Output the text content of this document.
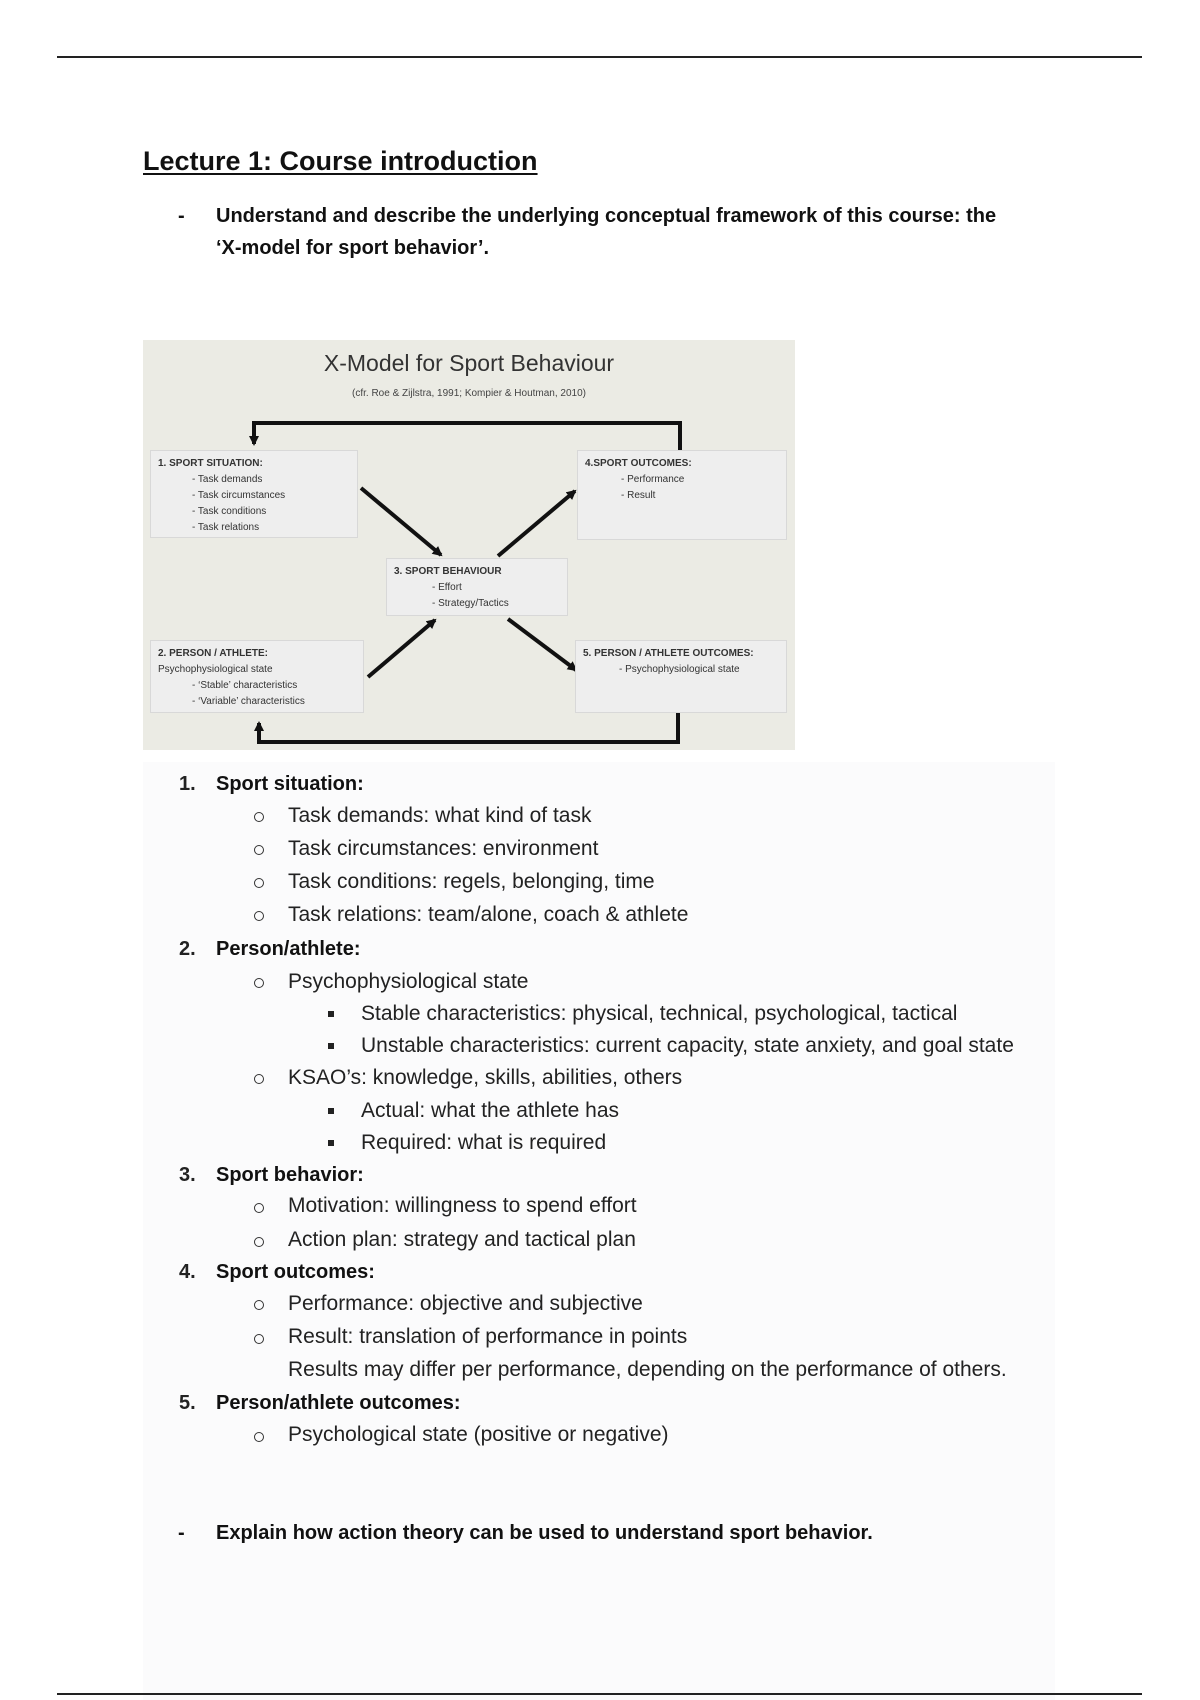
Lecture 1: Course introduction
- Understand and describe the underlying conceptual framework of this course: the
‘X-model for sport behavior’.
X-Model for Sport Behaviour
(cfr. Roe & Zijlstra, 1991; Kompier & Houtman, 2010)
1. SPORT SITUATION:
- Task demands
- Task circumstances
- Task conditions
- Task relations
2. PERSON / ATHLETE:
Psychophysiological state
- ‘Stable’ characteristics
- ‘Variable’ characteristics
3. SPORT BEHAVIOUR
- Effort
- Strategy/Tactics
4.SPORT OUTCOMES:
- Performance
- Result
5. PERSON / ATHLETE OUTCOMES:
- Psychophysiological state
1. Sport situation:
Task demands: what kind of task
Task circumstances: environment
Task conditions: regels, belonging, time
Task relations: team/alone, coach & athlete
2. Person/athlete:
Psychophysiological state
Stable characteristics: physical, technical, psychological, tactical
Unstable characteristics: current capacity, state anxiety, and goal state
KSAO’s: knowledge, skills, abilities, others
Actual: what the athlete has
Required: what is required
3. Sport behavior:
Motivation: willingness to spend effort
Action plan: strategy and tactical plan
4. Sport outcomes:
Performance: objective and subjective
Result: translation of performance in points
Results may differ per performance, depending on the performance of others.
5. Person/athlete outcomes:
Psychological state (positive or negative)
- Explain how action theory can be used to understand sport behavior.
